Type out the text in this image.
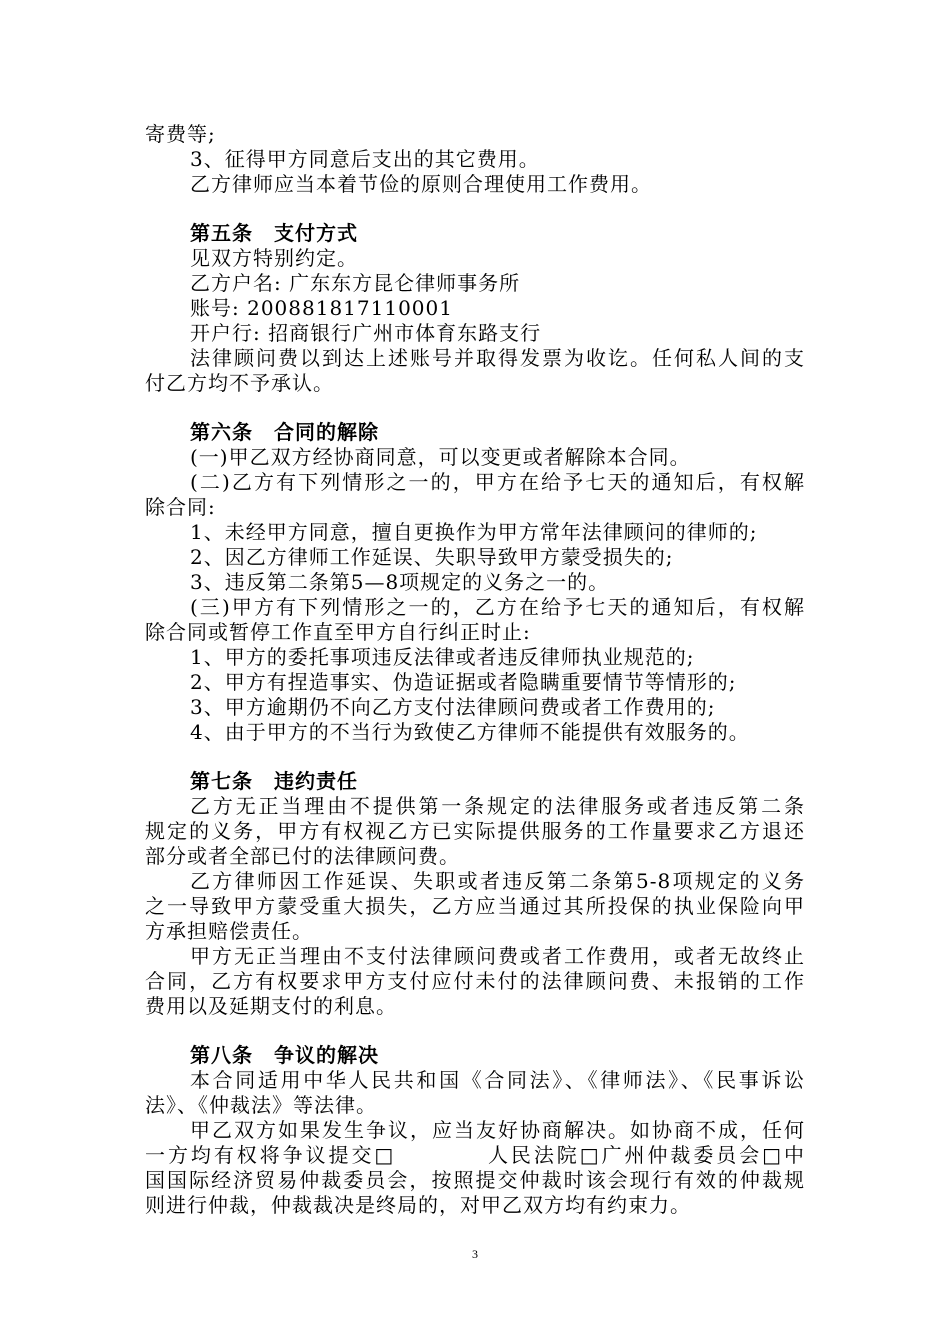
寄费等;
3、征得甲方同意后支出的其它费用。
乙方律师应当本着节俭的原则合理使用工作费用。
第五条　支付方式
见双方特别约定。
乙方户名: 广东东方昆仑律师事务所
账号: 200881817110001
开户行: 招商银行广州市体育东路支行
法律顾问费以到达上述账号并取得发票为收讫。任何私人间的支
付乙方均不予承认。
第六条　合同的解除
(一)甲乙双方经协商同意，可以变更或者解除本合同。
(二)乙方有下列情形之一的，甲方在给予七天的通知后，有权解
除合同:
1、未经甲方同意，擅自更换作为甲方常年法律顾问的律师的;
2、因乙方律师工作延误、失职导致甲方蒙受损失的;
3、违反第二条第5—8项规定的义务之一的。
(三)甲方有下列情形之一的，乙方在给予七天的通知后，有权解
除合同或暂停工作直至甲方自行纠正时止:
1、甲方的委托事项违反法律或者违反律师执业规范的;
2、甲方有捏造事实、伪造证据或者隐瞒重要情节等情形的;
3、甲方逾期仍不向乙方支付法律顾问费或者工作费用的;
4、由于甲方的不当行为致使乙方律师不能提供有效服务的。
第七条　违约责任
乙方无正当理由不提供第一条规定的法律服务或者违反第二条
规定的义务，甲方有权视乙方已实际提供服务的工作量要求乙方退还
部分或者全部已付的法律顾问费。
乙方律师因工作延误、失职或者违反第二条第5-8项规定的义务
之一导致甲方蒙受重大损失，乙方应当通过其所投保的执业保险向甲
方承担赔偿责任。
甲方无正当理由不支付法律顾问费或者工作费用，或者无故终止
合同，乙方有权要求甲方支付应付未付的法律顾问费、未报销的工作
费用以及延期支付的利息。
第八条　争议的解决
本合同适用中华人民共和国《合同法》、《律师法》、《民事诉讼
法》、《仲裁法》等法律。
甲乙双方如果发生争议，应当友好协商解决。如协商不成，任何
一方均有权将争议提交□　　　　人民法院□广州仲裁委员会□中
国国际经济贸易仲裁委员会，按照提交仲裁时该会现行有效的仲裁规
则进行仲裁，仲裁裁决是终局的，对甲乙双方均有约束力。
3
